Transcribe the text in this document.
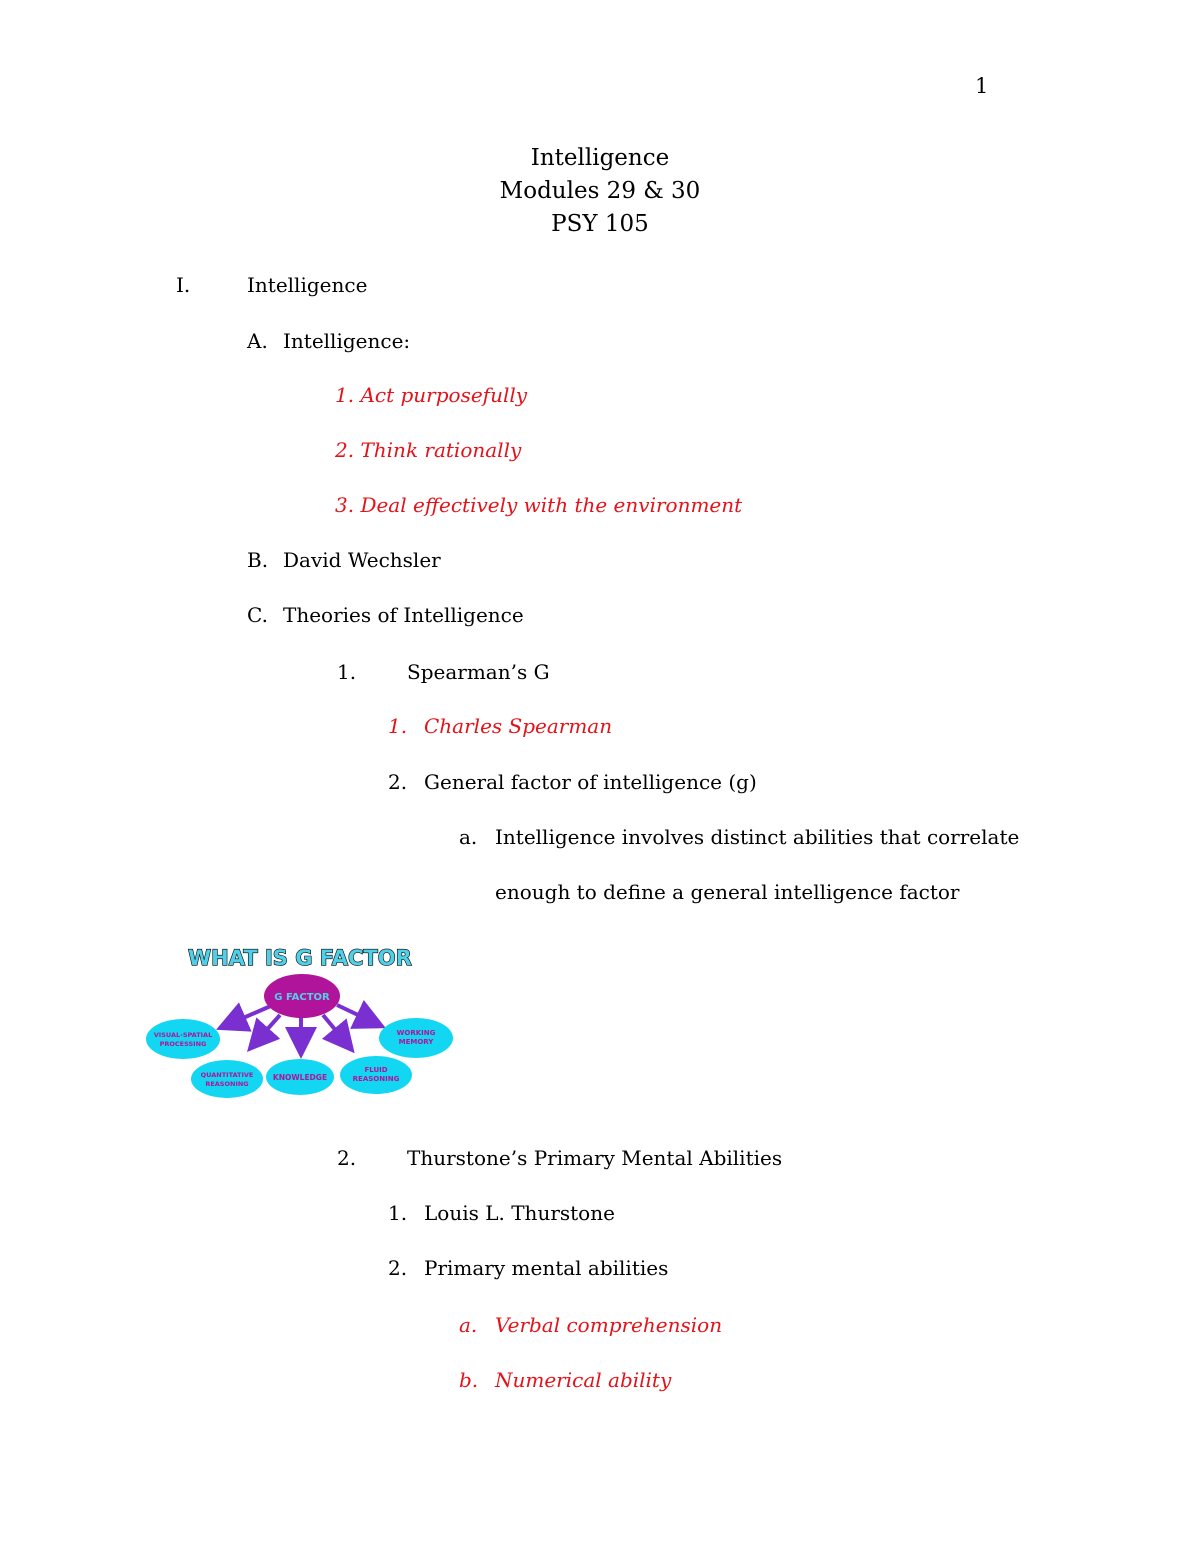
1
Intelligence
Modules 29 & 30
PSY 105
I.	Intelligence
A. Intelligence:
1. Act purposefully
2. Think rationally
3. Deal effectively with the environment
B. David Wechsler
C. Theories of Intelligence
1.	Spearman’s G
1. Charles Spearman
2. General factor of intelligence (g)
a. Intelligence involves distinct abilities that correlate
enough to define a general intelligence factor
WHAT IS G FACTOR
G FACTOR
VISUAL-SPATIAL PROCESSING
QUANTITATIVE REASONING
KNOWLEDGE
FLUID REASONING
WORKING MEMORY
2.	Thurstone’s Primary Mental Abilities
1. Louis L. Thurstone
2. Primary mental abilities
a. Verbal comprehension
b. Numerical ability
